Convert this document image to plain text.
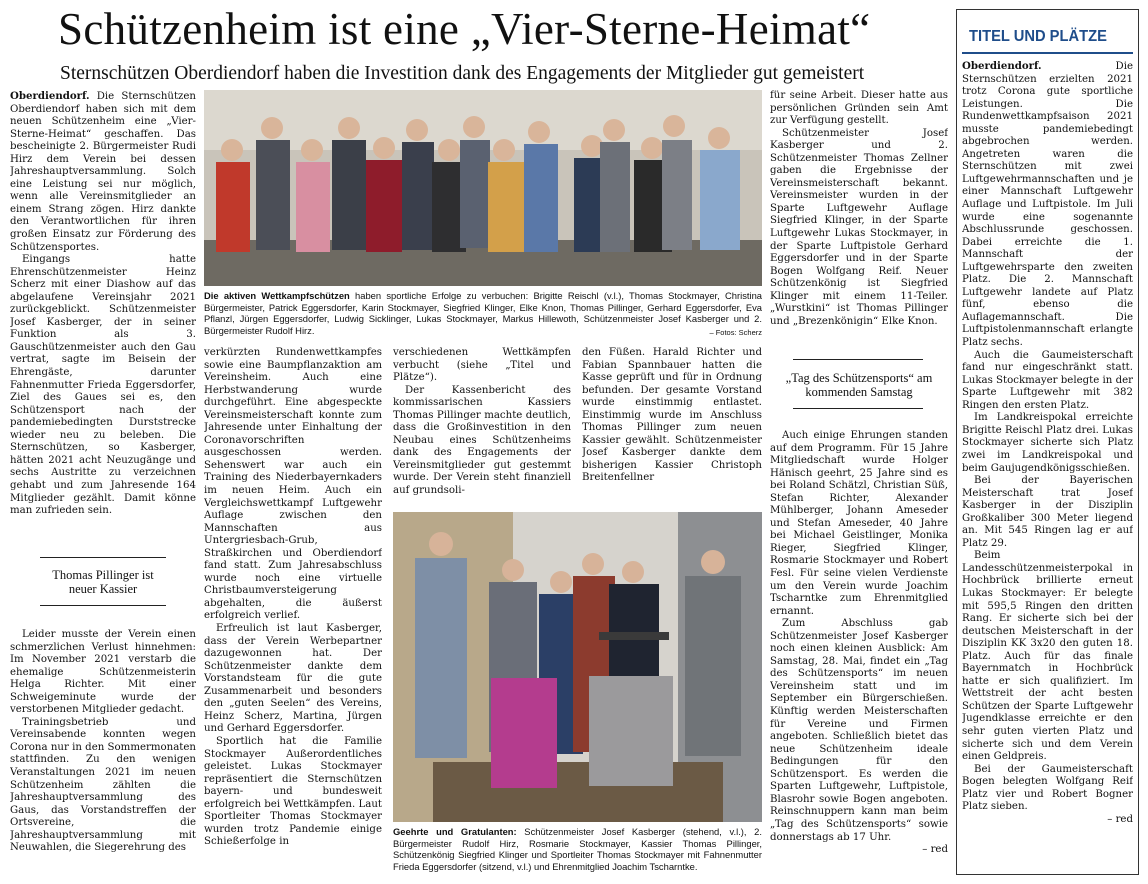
Schützenheim ist eine „Vier-Sterne-Heimat“
Sternschützen Oberdiendorf haben die Investition dank des Engagements der Mitglieder gut gemeistert

Oberdiendorf. Die Sternschützen Oberdiendorf haben sich mit dem neuen Schützenheim eine „Vier-Sterne-Heimat“ geschaffen. Das bescheinigte 2. Bürgermeister Rudi Hirz dem Verein bei dessen Jahreshauptversammlung. Solch eine Leistung sei nur möglich, wenn alle Vereinsmitglieder an einem Strang zögen. Hirz dankte den Verantwortlichen für ihren großen Einsatz zur Förderung des Schützensportes.

Eingangs hatte Ehrenschützenmeister Heinz Scherz mit einer Diashow auf das abgelaufene Vereinsjahr 2021 zurückgeblickt. Schützenmeister Josef Kasberger, der in seiner Funktion als 3. Gauschützenmeister auch den Gau vertrat, sagte im Beisein der Ehrengäste, darunter Fahnenmutter Frieda Eggersdorfer, Ziel des Gaues sei es, den Schützensport nach der pandemiebedingten Durststrecke wieder neu zu beleben. Die Sternschützen, so Kasberger, hätten 2021 acht Neuzugänge und sechs Austritte zu verzeichnen gehabt und zum Jahresende 164 Mitglieder gezählt. Damit könne man zufrieden sein.

Thomas Pillinger ist neuer Kassier

Leider musste der Verein einen schmerzlichen Verlust hinnehmen: Im November 2021 verstarb die ehemalige Schützenmeisterin Helga Richter. Mit einer Schweigeminute wurde der verstorbenen Mitglieder gedacht.

Trainingsbetrieb und Vereinsabende konnten wegen Corona nur in den Sommermonaten stattfinden. Zu den wenigen Veranstaltungen 2021 im neuen Schützenheim zählten die Jahreshauptversammlung des Gaus, das Vorstandstreffen der Ortsvereine, die Jahreshauptversammlung mit Neuwahlen, die Siegerehrung des

Die aktiven Wettkampfschützen haben sportliche Erfolge zu verbuchen: Brigitte Reischl (v.l.), Thomas Stockmayer, Christina Bürgermeister, Patrick Eggersdorfer, Karin Stockmayer, Siegfried Klinger, Elke Knon, Thomas Pillinger, Gerhard Eggersdorfer, Eva Pflanzl, Jürgen Eggersdorfer, Ludwig Sicklinger, Lukas Stockmayer, Markus Hillewoth, Schützenmeister Josef Kasberger und 2. Bürgermeister Rudolf Hirz.	– Fotos: Scherz

verkürzten Rundenwettkampfes sowie eine Baumpflanzaktion am Vereinsheim. Auch eine Herbstwanderung wurde durchgeführt. Eine abgespeckte Vereinsmeisterschaft konnte zum Jahresende unter Einhaltung der Coronavorschriften ausgeschossen werden. Sehenswert war auch ein Training des Niederbayernkaders im neuen Heim. Auch ein Vergleichswettkampf Luftgewehr Auflage zwischen den Mannschaften aus Untergriesbach-Grub, Straßkirchen und Oberdiendorf fand statt. Zum Jahresabschluss wurde noch eine virtuelle Christbaumversteigerung abgehalten, die äußerst erfolgreich verlief.

Erfreulich ist laut Kasberger, dass der Verein Werbepartner dazugewonnen hat. Der Schützenmeister dankte dem Vorstandsteam für die gute Zusammenarbeit und besonders den „guten Seelen“ des Vereins, Heinz Scherz, Martina, Jürgen und Gerhard Eggersdorfer.

Sportlich hat die Familie Stockmayer Außerordentliches geleistet. Lukas Stockmayer repräsentiert die Sternschützen bayern- und bundesweit erfolgreich bei Wettkämpfen. Laut Sportleiter Thomas Stockmayer wurden trotz Pandemie einige Schießerfolge in

verschiedenen Wettkämpfen verbucht (siehe „Titel und Plätze“).

Der Kassenbericht des kommissarischen Kassiers Thomas Pillinger machte deutlich, dass die Großinvestition in den Neubau eines Schützenheims dank des Engagements der Vereinsmitglieder gut gestemmt wurde. Der Verein steht finanziell auf grundsoli-

den Füßen. Harald Richter und Fabian Spannbauer hatten die Kasse geprüft und für in Ordnung befunden. Der gesamte Vorstand wurde einstimmig entlastet. Einstimmig wurde im Anschluss Thomas Pillinger zum neuen Kassier gewählt. Schützenmeister Josef Kasberger dankte dem bisherigen Kassier Christoph Breitenfellner

Geehrte und Gratulanten: Schützenmeister Josef Kasberger (stehend, v.l.), 2. Bürgermeister Rudolf Hirz, Rosmarie Stockmayer, Kassier Thomas Pillinger, Schützenkönig Siegfried Klinger und Sportleiter Thomas Stockmayer mit Fahnenmutter Frieda Eggersdorfer (sitzend, v.l.) und Ehrenmitglied Joachim Tscharntke.

für seine Arbeit. Dieser hatte aus persönlichen Gründen sein Amt zur Verfügung gestellt.

Schützenmeister Josef Kasberger und 2. Schützenmeister Thomas Zellner gaben die Ergebnisse der Vereinsmeisterschaft bekannt. Vereinsmeister wurden in der Sparte Luftgewehr Auflage Siegfried Klinger, in der Sparte Luftgewehr Lukas Stockmayer, in der Sparte Luftpistole Gerhard Eggersdorfer und in der Sparte Bogen Wolfgang Reif. Neuer Schützenkönig ist Siegfried Klinger mit einem 11-Teiler. „Wurstkini“ ist Thomas Pillinger und „Brezenkönigin“ Elke Knon.

„Tag des Schützensports“ am kommenden Samstag

Auch einige Ehrungen standen auf dem Programm. Für 15 Jahre Mitgliedschaft wurde Holger Hänisch geehrt, 25 Jahre sind es bei Roland Schätzl, Christian Süß, Stefan Richter, Alexander Mühlberger, Johann Ameseder und Stefan Ameseder, 40 Jahre bei Michael Geistlinger, Monika Rieger, Siegfried Klinger, Rosmarie Stockmayer und Robert Fesl. Für seine vielen Verdienste um den Verein wurde Joachim Tscharntke zum Ehrenmitglied ernannt.

Zum Abschluss gab Schützenmeister Josef Kasberger noch einen kleinen Ausblick: Am Samstag, 28. Mai, findet ein „Tag des Schützensports“ im neuen Vereinsheim statt und im September ein Bürgerschießen. Künftig werden Meisterschaften für Vereine und Firmen angeboten. Schließlich bietet das neue Schützenheim ideale Bedingungen für den Schützensport. Es werden die Sparten Luftgewehr, Luftpistole, Blasrohr sowie Bogen angeboten. Reinschnuppern kann man beim „Tag des Schützensports“ sowie donnerstags ab 17 Uhr.

– red

TITEL UND PLÄTZE

Oberdiendorf. Die Sternschützen erzielten 2021 trotz Corona gute sportliche Leistungen. Die Rundenwettkampfsaison 2021 musste pandemiebedingt abgebrochen werden. Angetreten waren die Sternschützen mit zwei Luftgewehrmannschaften und je einer Mannschaft Luftgewehr Auflage und Luftpistole. Im Juli wurde eine sogenannte Abschlussrunde geschossen. Dabei erreichte die 1. Mannschaft der Luftgewehrsparte den zweiten Platz. Die 2. Mannschaft Luftgewehr landete auf Platz fünf, ebenso die Auflagemannschaft. Die Luftpistolenmannschaft erlangte Platz sechs.

Auch die Gaumeisterschaft fand nur eingeschränkt statt. Lukas Stockmayer belegte in der Sparte Luftgewehr mit 382 Ringen den ersten Platz.

Im Landkreispokal erreichte Brigitte Reischl Platz drei. Lukas Stockmayer sicherte sich Platz zwei im Landkreispokal und beim Gaujugendkönigsschießen.

Bei der Bayerischen Meisterschaft trat Josef Kasberger in der Disziplin Großkaliber 300 Meter liegend an. Mit 545 Ringen lag er auf Platz 29.

Beim Landesschützenmeisterpokal in Hochbrück brillierte erneut Lukas Stockmayer: Er belegte mit 595,5 Ringen den dritten Rang. Er sicherte sich bei der deutschen Meisterschaft in der Disziplin KK 3x20 den guten 18. Platz. Auch für das finale Bayernmatch in Hochbrück hatte er sich qualifiziert. Im Wettstreit der acht besten Schützen der Sparte Luftgewehr Jugendklasse erreichte er den sehr guten vierten Platz und sicherte sich und dem Verein einen Geldpreis.

Bei der Gaumeisterschaft Bogen belegten Wolfgang Reif Platz vier und Robert Bogner Platz sieben.

– red
